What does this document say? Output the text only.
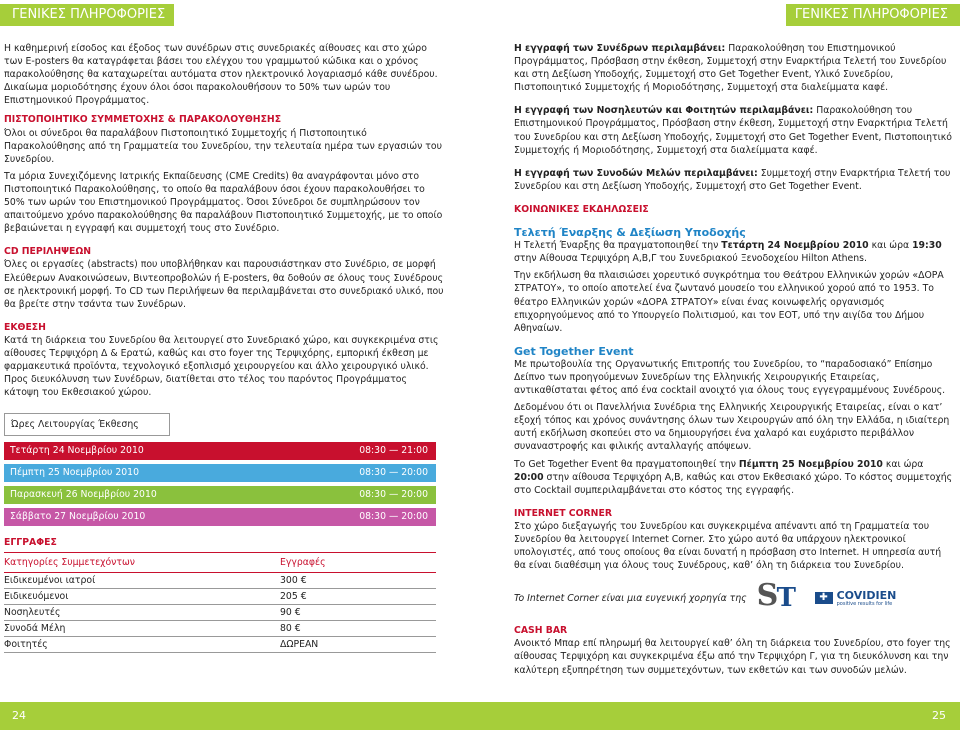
ΓΕΝΙΚΕΣ ΠΛΗΡΟΦΟΡΙΕΣ

Η καθημερινή είσοδος και έξοδος των συνέδρων στις συνεδριακές αίθουσες και στο χώρο των E-posters θα καταγράφεται βάσει του ελέγχου του γραμμωτού κώδικα και ο χρόνος παρακολούθησης θα καταχωρείται αυτόματα στον ηλεκτρονικό λογαριασμό κάθε συνέδρου. Δικαίωμα μοριοδότησης έχουν όλοι όσοι παρακολουθήσουν το 50% των ωρών του Επιστημονικού Προγράμματος.

ΠΙΣΤΟΠΟΙΗΤΙΚΟ ΣΥΜΜΕΤΟΧΗΣ & ΠΑΡΑΚΟΛΟΥΘΗΣΗΣ

Όλοι οι σύνεδροι θα παραλάβουν Πιστοποιητικό Συμμετοχής ή Πιστοποιητικό Παρακολούθησης από τη Γραμματεία του Συνεδρίου, την τελευταία ημέρα των εργασιών του Συνεδρίου.

Τα μόρια Συνεχιζόμενης Ιατρικής Εκπαίδευσης (CME Credits) θα αναγράφονται μόνο στο Πιστοποιητικό Παρακολούθησης, το οποίο θα παραλάβουν όσοι έχουν παρακολουθήσει το 50% των ωρών του Επιστημονικού Προγράμματος. Όσοι Σύνεδροι δε συμπληρώσουν τον απαιτούμενο χρόνο παρακολούθησης θα παραλάβουν Πιστοποιητικό Συμμετοχής, με το οποίο βεβαιώνεται η εγγραφή και συμμετοχή τους στο Συνέδριο.

CD ΠΕΡΙΛΗΨΕΩΝ

Όλες οι εργασίες (abstracts) που υποβλήθηκαν και παρουσιάστηκαν στο Συνέδριο, σε μορφή Ελεύθερων Ανακοινώσεων, Βιντεοπροβολών ή E-posters, θα δοθούν σε όλους τους Συνέδρους σε ηλεκτρονική μορφή. Το CD των Περιλήψεων θα περιλαμβάνεται στο συνεδριακό υλικό, που θα βρείτε στην τσάντα των Συνέδρων.

ΕΚΘΕΣΗ

Κατά τη διάρκεια του Συνεδρίου θα λειτουργεί στο Συνεδριακό χώρο, και συγκεκριμένα στις αίθουσες Τερψιχόρη Δ & Ερατώ, καθώς και στο foyer της Τερψιχόρης, εμπορική έκθεση με φαρμακευτικά προϊόντα, τεχνολογικό εξοπλισμό χειρουργείου και άλλο χειρουργικό υλικό. Προς διευκόλυνση των Συνέδρων, διατίθεται στο τέλος του παρόντος Προγράμματος κάτοψη του Εκθεσιακού χώρου.

Ώρες Λειτουργίας Έκθεσης
Τετάρτη 24 Νοεμβρίου 2010	08:30 — 21:00
Πέμπτη 25 Νοεμβρίου 2010	08:30 — 20:00
Παρασκευή 26 Νοεμβρίου 2010	08:30 — 20:00
Σάββατο 27 Νοεμβρίου 2010	08:30 — 20:00
ΕΓΓΡΑΦΕΣ
Κατηγορίες Συμμετεχόντων	Εγγραφές
Ειδικευμένοι ιατροί	300 €
Ειδικευόμενοι	205 €
Νοσηλευτές	90 €
Συνοδά Μέλη	80 €
Φοιτητές	ΔΩΡΕΑΝ
24
ΓΕΝΙΚΕΣ ΠΛΗΡΟΦΟΡΙΕΣ

Η εγγραφή των Συνέδρων περιλαμβάνει: Παρακολούθηση του Επιστημονικού Προγράμματος, Πρόσβαση στην έκθεση, Συμμετοχή στην Εναρκτήρια Τελετή του Συνεδρίου και στη Δεξίωση Υποδοχής, Συμμετοχή στο Get Together Event, Υλικό Συνεδρίου, Πιστοποιητικό Συμμετοχής ή Μοριοδότησης, Συμμετοχή στα διαλείμματα καφέ.

Η εγγραφή των Νοσηλευτών και Φοιτητών περιλαμβάνει: Παρακολούθηση του Επιστημονικού Προγράμματος, Πρόσβαση στην έκθεση, Συμμετοχή στην Εναρκτήρια Τελετή του Συνεδρίου και στη Δεξίωση Υποδοχής, Συμμετοχή στο Get Together Event, Πιστοποιητικό Συμμετοχής ή Μοριοδότησης, Συμμετοχή στα διαλείμματα καφέ.

Η εγγραφή των Συνοδών Μελών περιλαμβάνει: Συμμετοχή στην Εναρκτήρια Τελετή του Συνεδρίου και στη Δεξίωση Υποδοχής, Συμμετοχή στο Get Together Event.

ΚΟΙΝΩΝΙΚΕΣ ΕΚΔΗΛΩΣΕΙΣ
Τελετή Έναρξης & Δεξίωση Υποδοχής

Η Τελετή Έναρξης θα πραγματοποιηθεί την Τετάρτη 24 Νοεμβρίου 2010 και ώρα 19:30 στην Αίθουσα Τερψιχόρη Α,Β,Γ του Συνεδριακού Ξενοδοχείου Hilton Athens.

Την εκδήλωση θα πλαισιώσει χορευτικό συγκρότημα του Θεάτρου Ελληνικών χορών «ΔΟΡΑ ΣΤΡΑΤΟΥ», το οποίο αποτελεί ένα ζωντανό μουσείο του ελληνικού χορού από το 1953. Το θέατρο Ελληνικών χορών «ΔΟΡΑ ΣΤΡΑΤΟΥ» είναι ένας κοινωφελής οργανισμός επιχορηγούμενος από το Υπουργείο Πολιτισμού, και τον ΕΟΤ, υπό την αιγίδα του Δήμου Αθηναίων.

Get Together Event

Με πρωτοβουλία της Οργανωτικής Επιτροπής του Συνεδρίου, το “παραδοσιακό” Επίσημο Δείπνο των προηγούμενων Συνεδρίων της Ελληνικής Χειρουργικής Εταιρείας, αντικαθίσταται φέτος από ένα cocktail ανοιχτό για όλους τους εγγεγραμμένους Συνέδρους.

Δεδομένου ότι οι Πανελλήνια Συνέδρια της Ελληνικής Χειρουργικής Εταιρείας, είναι ο κατ’ εξοχή τόπος και χρόνος συνάντησης όλων των Χειρουργών από όλη την Ελλάδα, η ιδιαίτερη αυτή εκδήλωση σκοπεύει στο να δημιουργήσει ένα χαλαρό και ευχάριστο περιβάλλον συναναστροφής και φιλικής ανταλλαγής απόψεων.

Το Get Together Event θα πραγματοποιηθεί την Πέμπτη 25 Νοεμβρίου 2010 και ώρα 20:00 στην αίθουσα Τερψιχόρη Α,Β, καθώς και στον Εκθεσιακό χώρο. Το κόστος συμμετοχής στο Cocktail συμπεριλαμβάνεται στο κόστος της εγγραφής.

INTERNET CORNER

Στο χώρο διεξαγωγής του Συνεδρίου και συγκεκριμένα απέναντι από τη Γραμματεία του Συνεδρίου θα λειτουργεί Internet Corner. Στο χώρο αυτό θα υπάρχουν ηλεκτρονικοί υπολογιστές, από τους οποίους θα είναι δυνατή η πρόσβαση στο Internet. Η υπηρεσία αυτή θα είναι διαθέσιμη για όλους τους Συνέδρους, καθ’ όλη τη διάρκεια του Συνεδρίου.

To Internet Corner είναι μια ευγενική χορηγία της S
T	✚ COVIDIEN
positive results for life
CASH BAR

Ανοικτό Μπαρ επί πληρωμή θα λειτουργεί καθ’ όλη τη διάρκεια του Συνεδρίου, στο foyer της αίθουσας Τερψιχόρη και συγκεκριμένα έξω από την Τερψιχόρη Γ, για τη διευκόλυνση και την καλύτερη εξυπηρέτηση των συμμετεχόντων, των εκθετών και των συνοδών μελών.

25
